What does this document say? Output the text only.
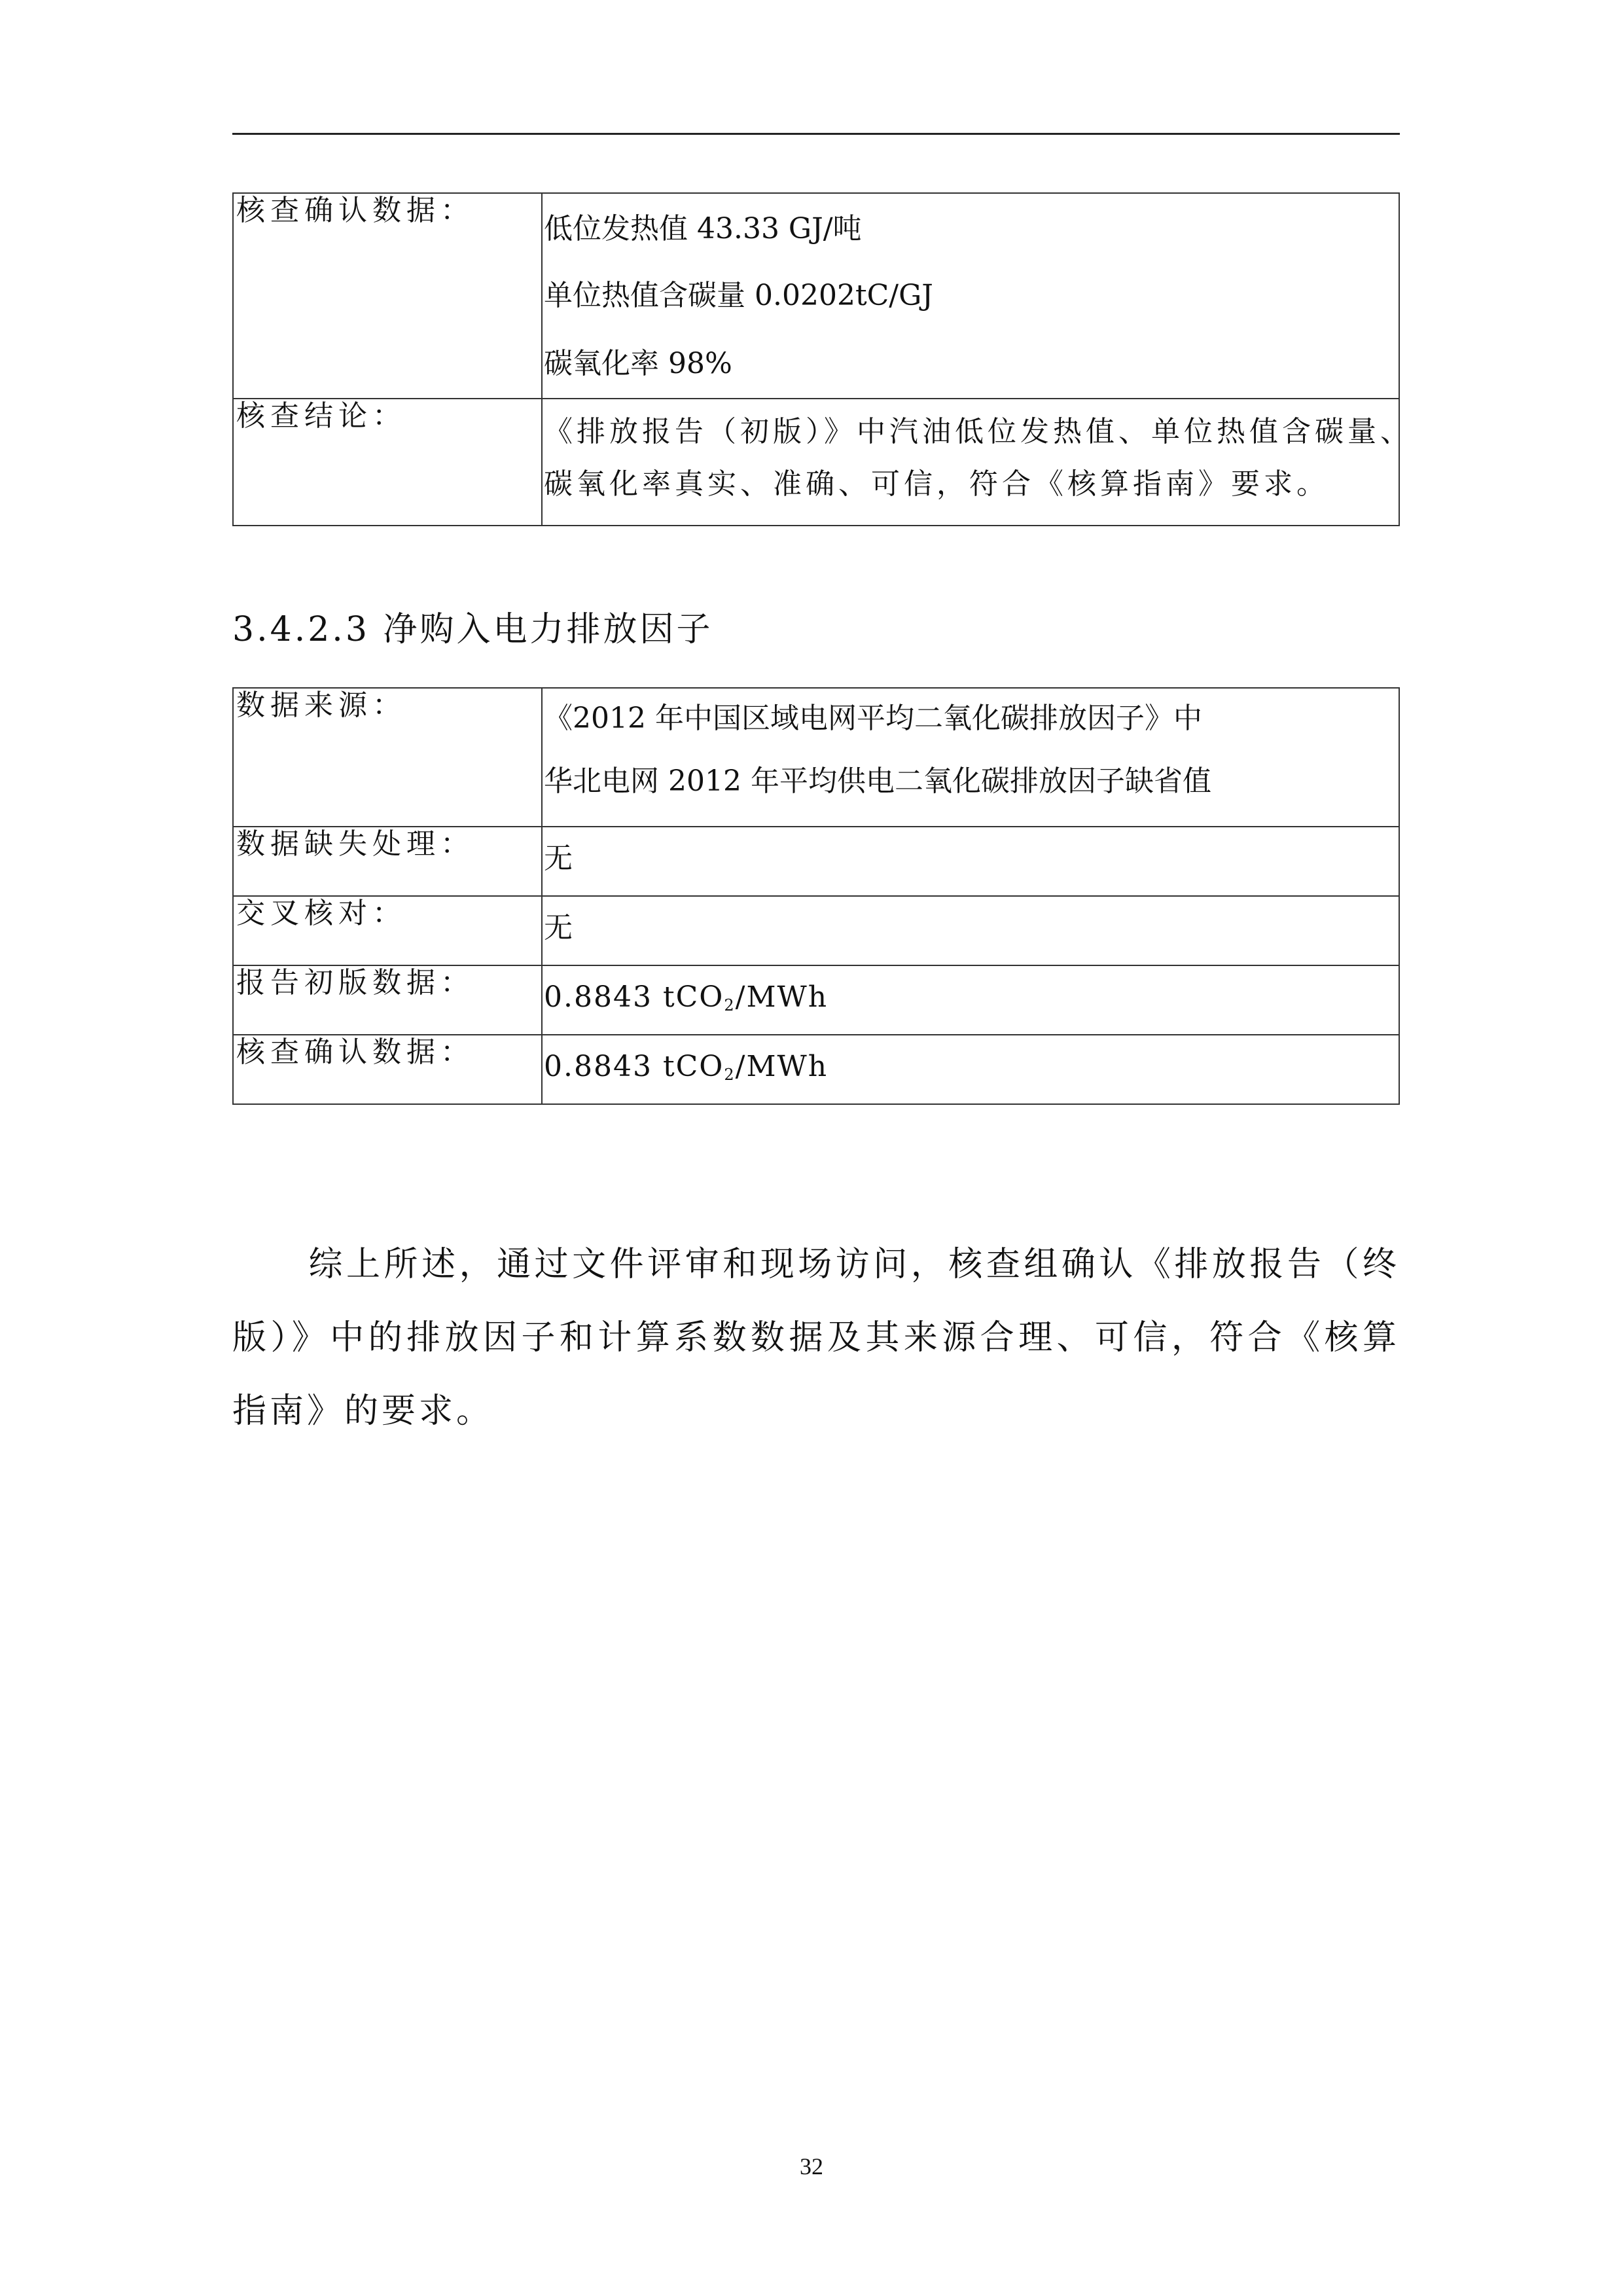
核查确认数据：	低位发热值 43.33 GJ/吨
单位热值含碳量 0.0202tC/GJ
碳氧化率 98%

核查结论：	《排放报告（初版）》中汽油低位发热值、单位热值含碳量、
碳氧化率真实、准确、可信，符合《核算指南》要求。
3.4.2.3 净购入电力排放因子
数据来源：	《2012 年中国区域电网平均二氧化碳排放因子》中
华北电网 2012 年平均供电二氧化碳排放因子缺省值

数据缺失处理：	无

交叉核对：	无

报告初版数据：	0.8843 tCO$_2$/MWh

核查确认数据：	0.8843 tCO$_2$/MWh
综上所述，通过文件评审和现场访问，核查组确认《排放报告（终版）》中的排放因子和计算系数数据及其来源合理、可信，符合《核算指南》的要求。
32
